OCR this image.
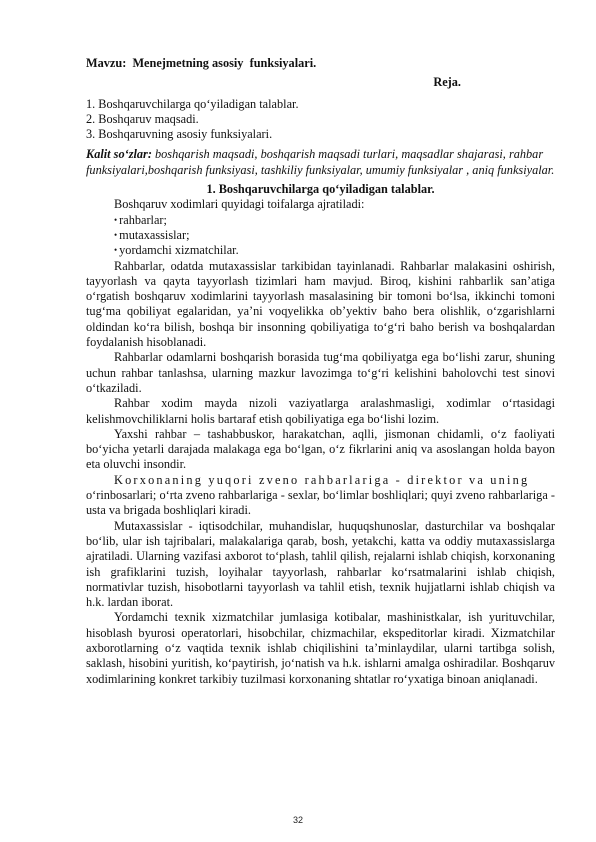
Mavzu:  Menejmetning asosiy  funksiyalari.

Reja.

1. Boshqaruvchilarga qo‘yiladigan talablar.

2. Boshqaruv maqsadi.

3. Boshqaruvning asosiy funksiyalari.

Kalit so‘zlar: boshqarish maqsadi, boshqarish maqsadi turlari, maqsadlar shajarasi, rahbar funksiyalari,boshqarish funksiyasi, tashkiliy funksiyalar, umumiy funksiyalar , aniq funksiyalar.

1. Boshqaruvchilarga qo‘yiladigan talablar.

Boshqaruv xodimlari quyidagi toifalarga ajratiladi:

• rahbarlar;

• mutaxassislar;

• yordamchi xizmatchilar.

Rahbarlar, odatda mutaxassislar tarkibidan tayinlanadi. Rahbarlar malakasini oshirish, tayyorlash va qayta tayyorlash tizimlari ham mavjud. Biroq, kishini rahbarlik san’atiga o‘rgatish boshqaruv xodimlarini tayyorlash masalasining bir tomoni bo‘lsa, ikkinchi tomoni tug‘ma qobiliyat egalaridan, ya’ni voqyelikka ob’yektiv baho bera olishlik, o‘zgarishlarni oldindan ko‘ra bilish, boshqa bir insonning qobiliyatiga to‘g‘ri baho berish va boshqalardan foydalanish hisoblanadi.

Rahbarlar odamlarni boshqarish borasida tug‘ma qobiliyatga ega bo‘lishi zarur, shuning uchun rahbar tanlashsa, ularning mazkur lavozimga to‘g‘ri kelishini baholovchi test sinovi o‘tkaziladi.

Rahbar xodim mayda nizoli vaziyatlarga aralashmasligi, xodimlar o‘rtasidagi kelishmovchiliklarni holis bartaraf etish qobiliyatiga ega bo‘lishi lozim.

Yaxshi rahbar – tashabbuskor, harakatchan, aqlli, jismonan chidamli, o‘z faoliyati bo‘yicha yetarli darajada malakaga ega bo‘lgan, o‘z fikrlarini aniq va asoslangan holda bayon eta oluvchi insondir.

Korxonaning yuqori zveno rahbarlariga - direktor va uning

o‘rinbosarlari; o‘rta zveno rahbarlariga - sexlar, bo‘limlar boshliqlari; quyi zveno rahbarlariga - usta va brigada boshliqlari kiradi.

Mutaxassislar - iqtisodchilar, muhandislar, huquqshunoslar, dasturchilar va boshqalar bo‘lib, ular ish tajribalari, malakalariga qarab, bosh, yetakchi, katta va oddiy mutaxassislarga ajratiladi. Ularning vazifasi axborot to‘plash, tahlil qilish, rejalarni ishlab chiqish, korxonaning ish grafiklarini tuzish, loyihalar tayyorlash, rahbarlar ko‘rsatmalarini ishlab chiqish, normativlar tuzish, hisobotlarni tayyorlash va tahlil etish, texnik hujjatlarni ishlab chiqish va h.k. lardan iborat.

Yordamchi texnik xizmatchilar jumlasiga kotibalar, mashinistkalar, ish yurituvchilar, hisoblash byurosi operatorlari, hisobchilar, chizmachilar, ekspeditorlar kiradi. Xizmatchilar axborotlarning o‘z vaqtida texnik ishlab chiqilishini ta’minlaydilar, ularni tartibga solish, saklash, hisobini yuritish, ko‘paytirish, jo‘natish va h.k. ishlarni amalga oshiradilar. Boshqaruv xodimlarining konkret tarkibiy tuzilmasi korxonaning shtatlar ro‘yxatiga binoan aniqlanadi.

32
